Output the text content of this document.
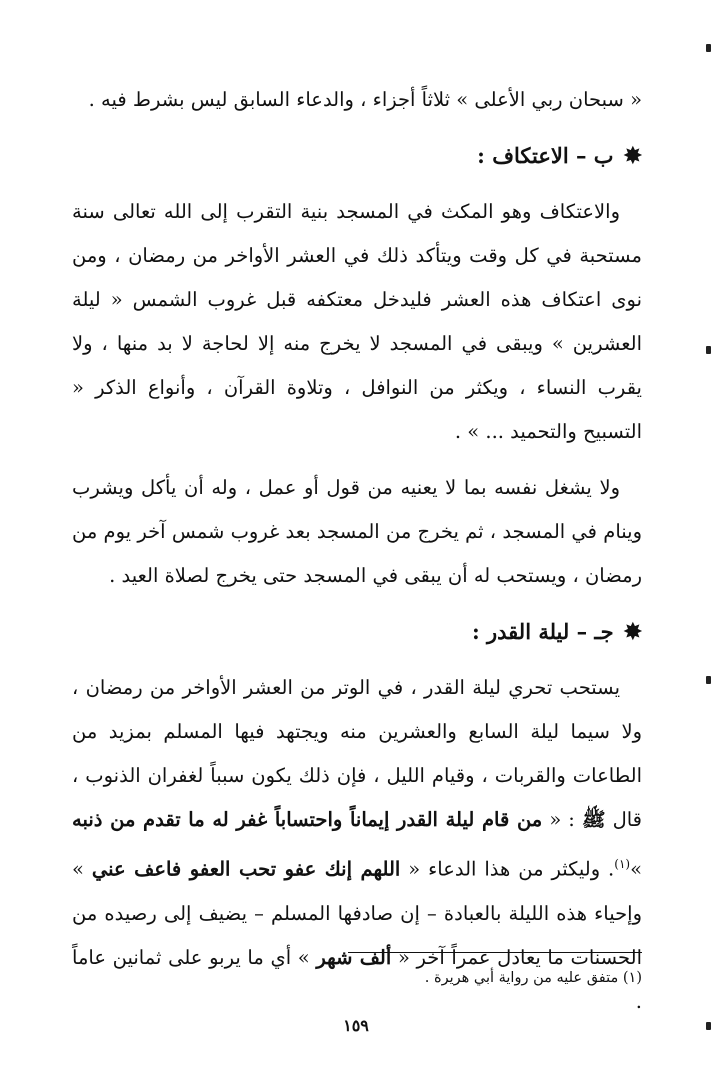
« سبحان ربي الأعلى » ثلاثاً أجزاء ، والدعاء السابق ليس بشرط فيه .

✸
ب – الاعتكاف :

والاعتكاف وهو المكث في المسجد بنية التقرب إلى الله تعالى سنة مستحبة في كل وقت ويتأكد ذلك في العشر الأواخر من رمضان ، ومن نوى اعتكاف هذه العشر فليدخل معتكفه قبل غروب الشمس « ليلة العشرين » ويبقى في المسجد لا يخرج منه إلا لحاجة لا بد منها ، ولا يقرب النساء ، ويكثر من النوافل ، وتلاوة القرآن ، وأنواع الذكر « التسبيح والتحميد ... » .

ولا يشغل نفسه بما لا يعنيه من قول أو عمل ، وله أن يأكل ويشرب وينام في المسجد ، ثم يخرج من المسجد بعد غروب شمس آخر يوم من رمضان ، ويستحب له أن يبقى في المسجد حتى يخرج لصلاة العيد .

✸
جـ – ليلة القدر :

يستحب تحري ليلة القدر ، في الوتر من العشر الأواخر من رمضان ، ولا سيما ليلة السابع والعشرين منه ويجتهد فيها المسلم بمزيد من الطاعات والقربات ، وقيام الليل ، فإن ذلك يكون سبباً لغفران الذنوب ، قال ﷺ : « من قام ليلة القدر إيماناً واحتساباً غفر له ما تقدم من ذنبه »$^{(١)}$. وليكثر من هذا الدعاء « اللهم إنك عفو تحب العفو فاعف عني » وإحياء هذه الليلة بالعبادة – إن صادفها المسلم – يضيف إلى رصيده من الحسنات ما يعادل عمراً آخر « ألف شهر » أي ما يربو على ثمانين عاماً .

(١) متفق عليه من رواية أبي هريرة .
١٥٩
